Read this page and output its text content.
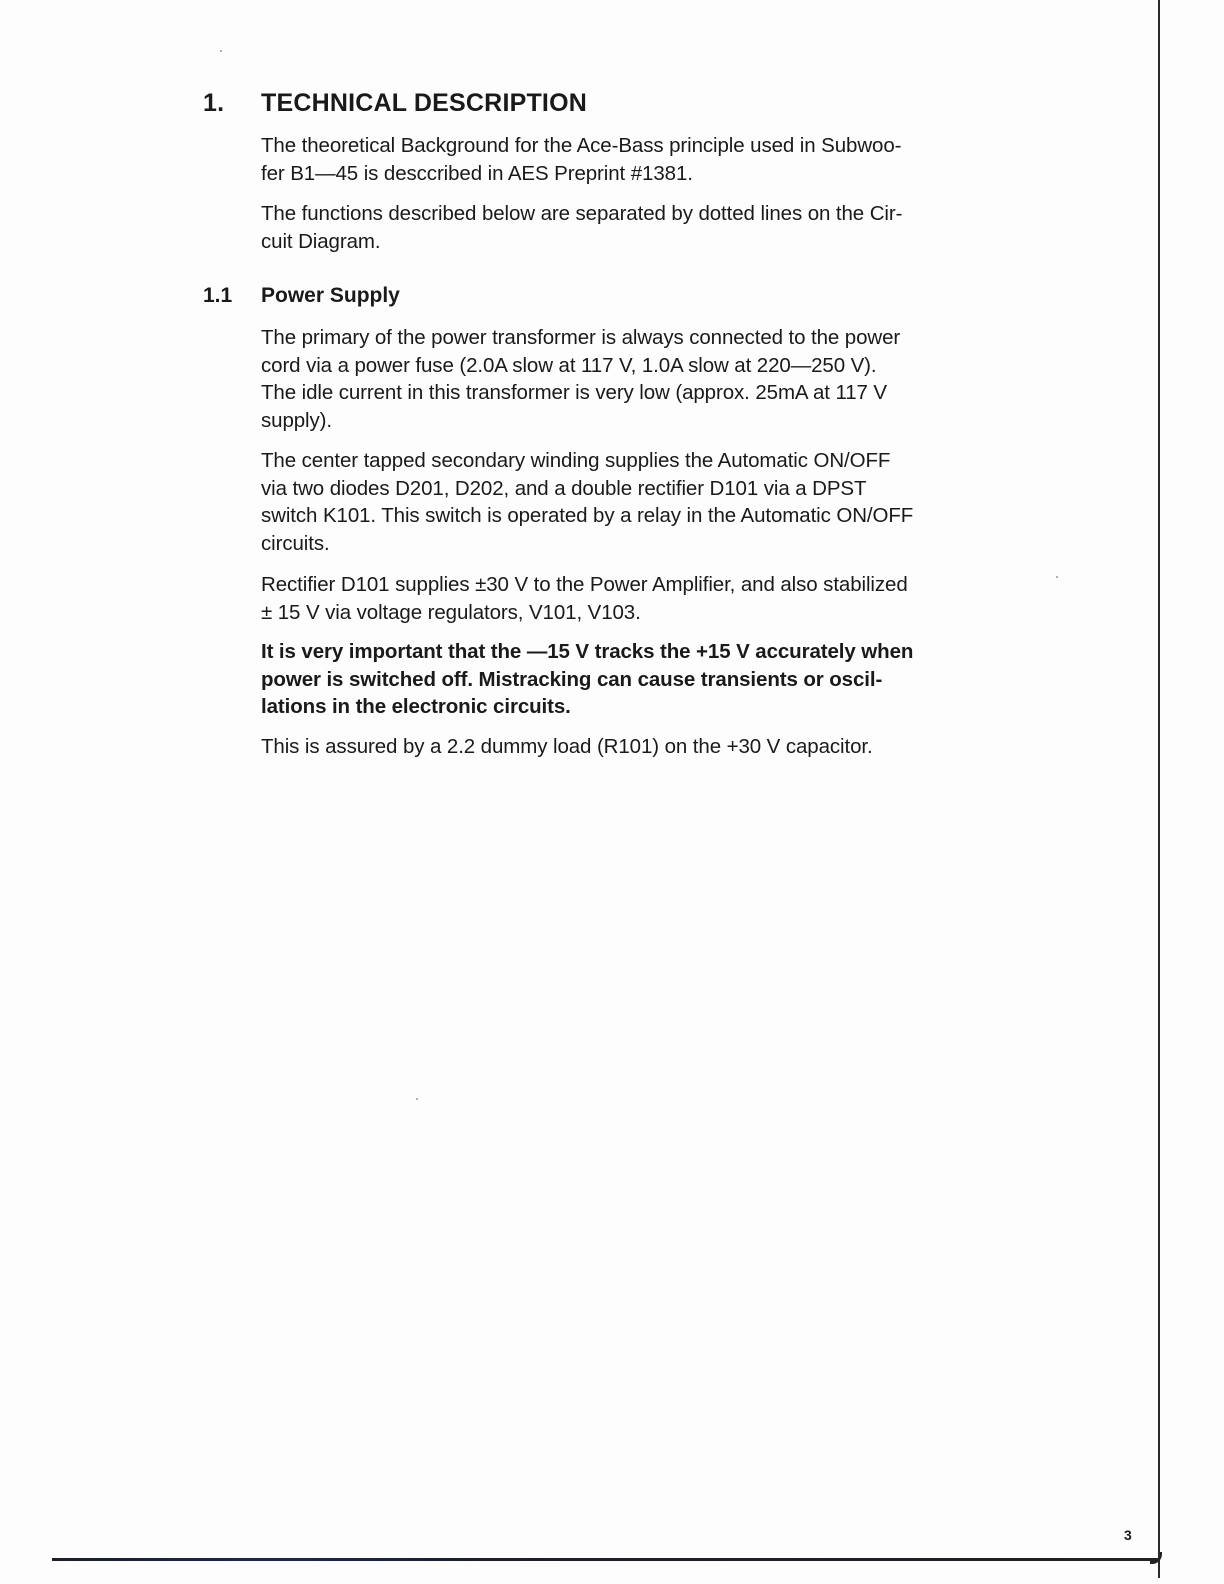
1. TECHNICAL DESCRIPTION

The theoretical Background for the Ace-Bass principle used in Subwoo-
fer B1—45 is desccribed in AES Preprint #1381.

The functions described below are separated by dotted lines on the Cir-
cuit Diagram.

1.1 Power Supply

The primary of the power transformer is always connected to the power
cord via a power fuse (2.0A slow at 117 V, 1.0A slow at 220—250 V).
The idle current in this transformer is very low (approx. 25mA at 117 V
supply).

The center tapped secondary winding supplies the Automatic ON/OFF
via two diodes D201, D202, and a double rectifier D101 via a DPST
switch K101. This switch is operated by a relay in the Automatic ON/OFF
circuits.

Rectifier D101 supplies ±30 V to the Power Amplifier, and also stabilized
± 15 V via voltage regulators, V101, V103.

It is very important that the —15 V tracks the +15 V accurately when
power is switched off. Mistracking can cause transients or oscil-
lations in the electronic circuits.

This is assured by a 2.2 dummy load (R101) on the +30 V capacitor.

3
